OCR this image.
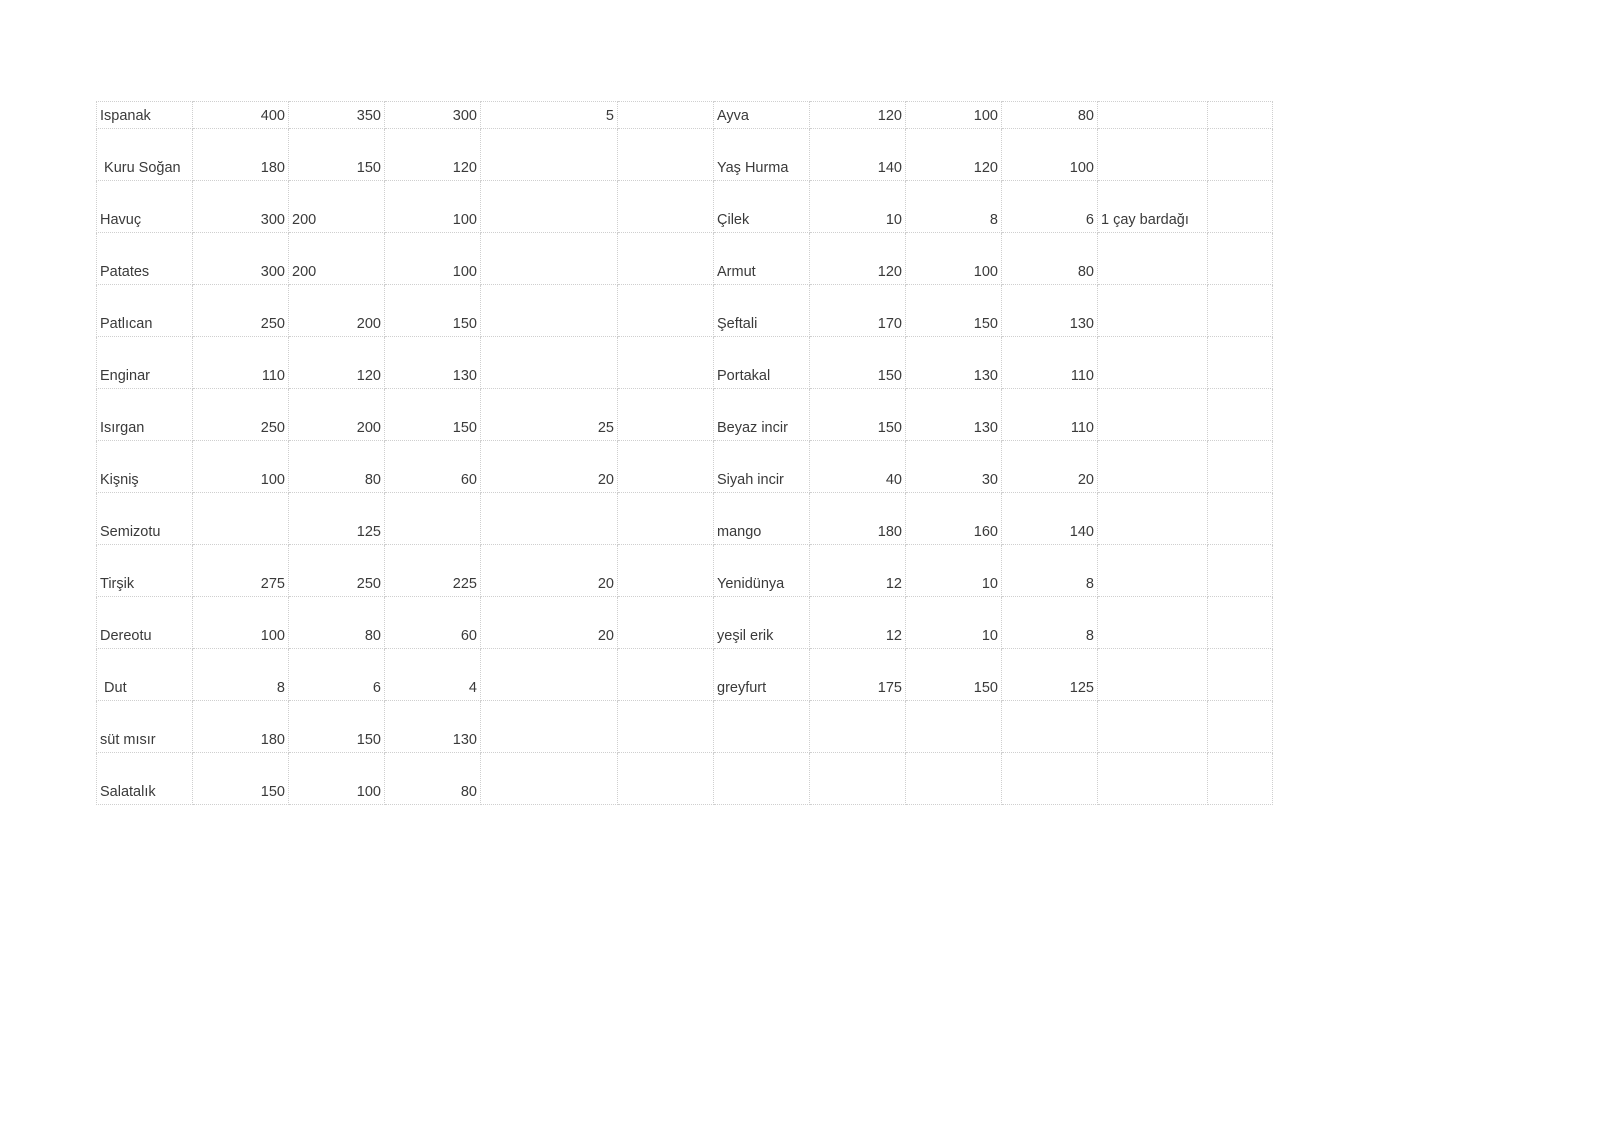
Ispanak	400	350	300	5		Ayva	120	100	80		
Kuru Soğan	180	150	120			Yaş Hurma	140	120	100		
Havuç	300	200	100			Çilek	10	8	6	1 çay bardağı	
Patates	300	200	100			Armut	120	100	80		
Patlıcan	250	200	150			Şeftali	170	150	130		
Enginar	110	120	130			Portakal	150	130	110		
Isırgan	250	200	150	25		Beyaz incir	150	130	110		
Kişniş	100	80	60	20		Siyah incir	40	30	20		
Semizotu		125				mango	180	160	140		
Tirşik	275	250	225	20		Yenidünya	12	10	8		
Dereotu	100	80	60	20		yeşil erik	12	10	8		
Dut	8	6	4			greyfurt	175	150	125		
süt mısır	180	150	130								
Salatalık	150	100	80								
